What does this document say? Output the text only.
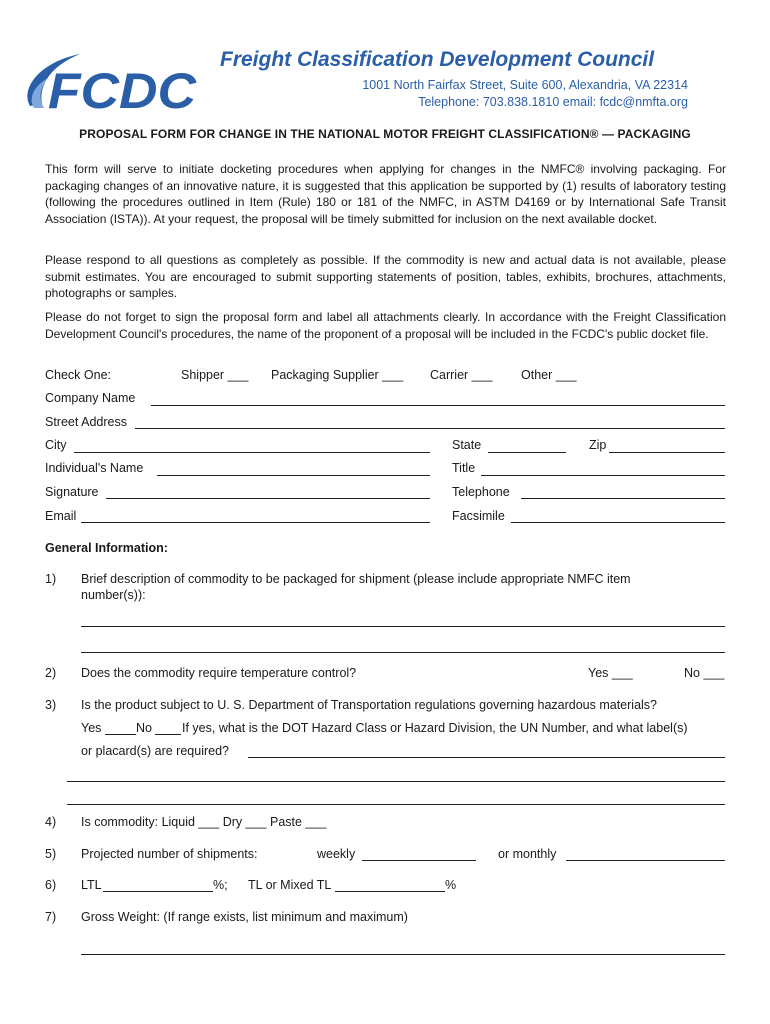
FCDC
Freight Classification Development Council
1001 North Fairfax Street, Suite 600, Alexandria, VA 22314
Telephone: 703.838.1810 email: fcdc@nmfta.org
PROPOSAL FORM FOR CHANGE IN THE NATIONAL MOTOR FREIGHT CLASSIFICATION® — PACKAGING
This form will serve to initiate docketing procedures when applying for changes in the NMFC® involving packaging. For packaging changes of an innovative nature, it is suggested that this application be supported by (1) results of laboratory testing (following the procedures outlined in Item (Rule) 180 or 181 of the NMFC, in ASTM D4169 or by International Safe Transit Association (ISTA)). At your request, the proposal will be timely submitted for inclusion on the next available docket.
Please respond to all questions as completely as possible. If the commodity is new and actual data is not available, please submit estimates. You are encouraged to submit supporting statements of position, tables, exhibits, brochures, attachments, photographs or samples.
Please do not forget to sign the proposal form and label all attachments clearly. In accordance with the Freight Classification Development Council's procedures, the name of the proponent of a proposal will be included in the FCDC's public docket file.
Check One:	Shipper ___ Packaging Supplier ___ Carrier ___ Other ___
Company Name
Street Address
City	State	Zip
Individual's Name	Title
Signature	Telephone
Email	Facsimile
General Information:
1) Brief description of commodity to be packaged for shipment (please include appropriate NMFC item
number(s)):
2) Does the commodity require temperature control?	Yes ___	No ___
3) Is the product subject to U. S. Department of Transportation regulations governing hazardous materials?
Yes	No If yes, what is the DOT Hazard Class or Hazard Division, the UN Number, and what label(s)
or placard(s) are required?
4) Is commodity: Liquid ___ Dry ___ Paste ___
5) Projected number of shipments:	weekly	or monthly
6) LTL	%; TL or Mixed TL	%
7) Gross Weight: (If range exists, list minimum and maximum)
